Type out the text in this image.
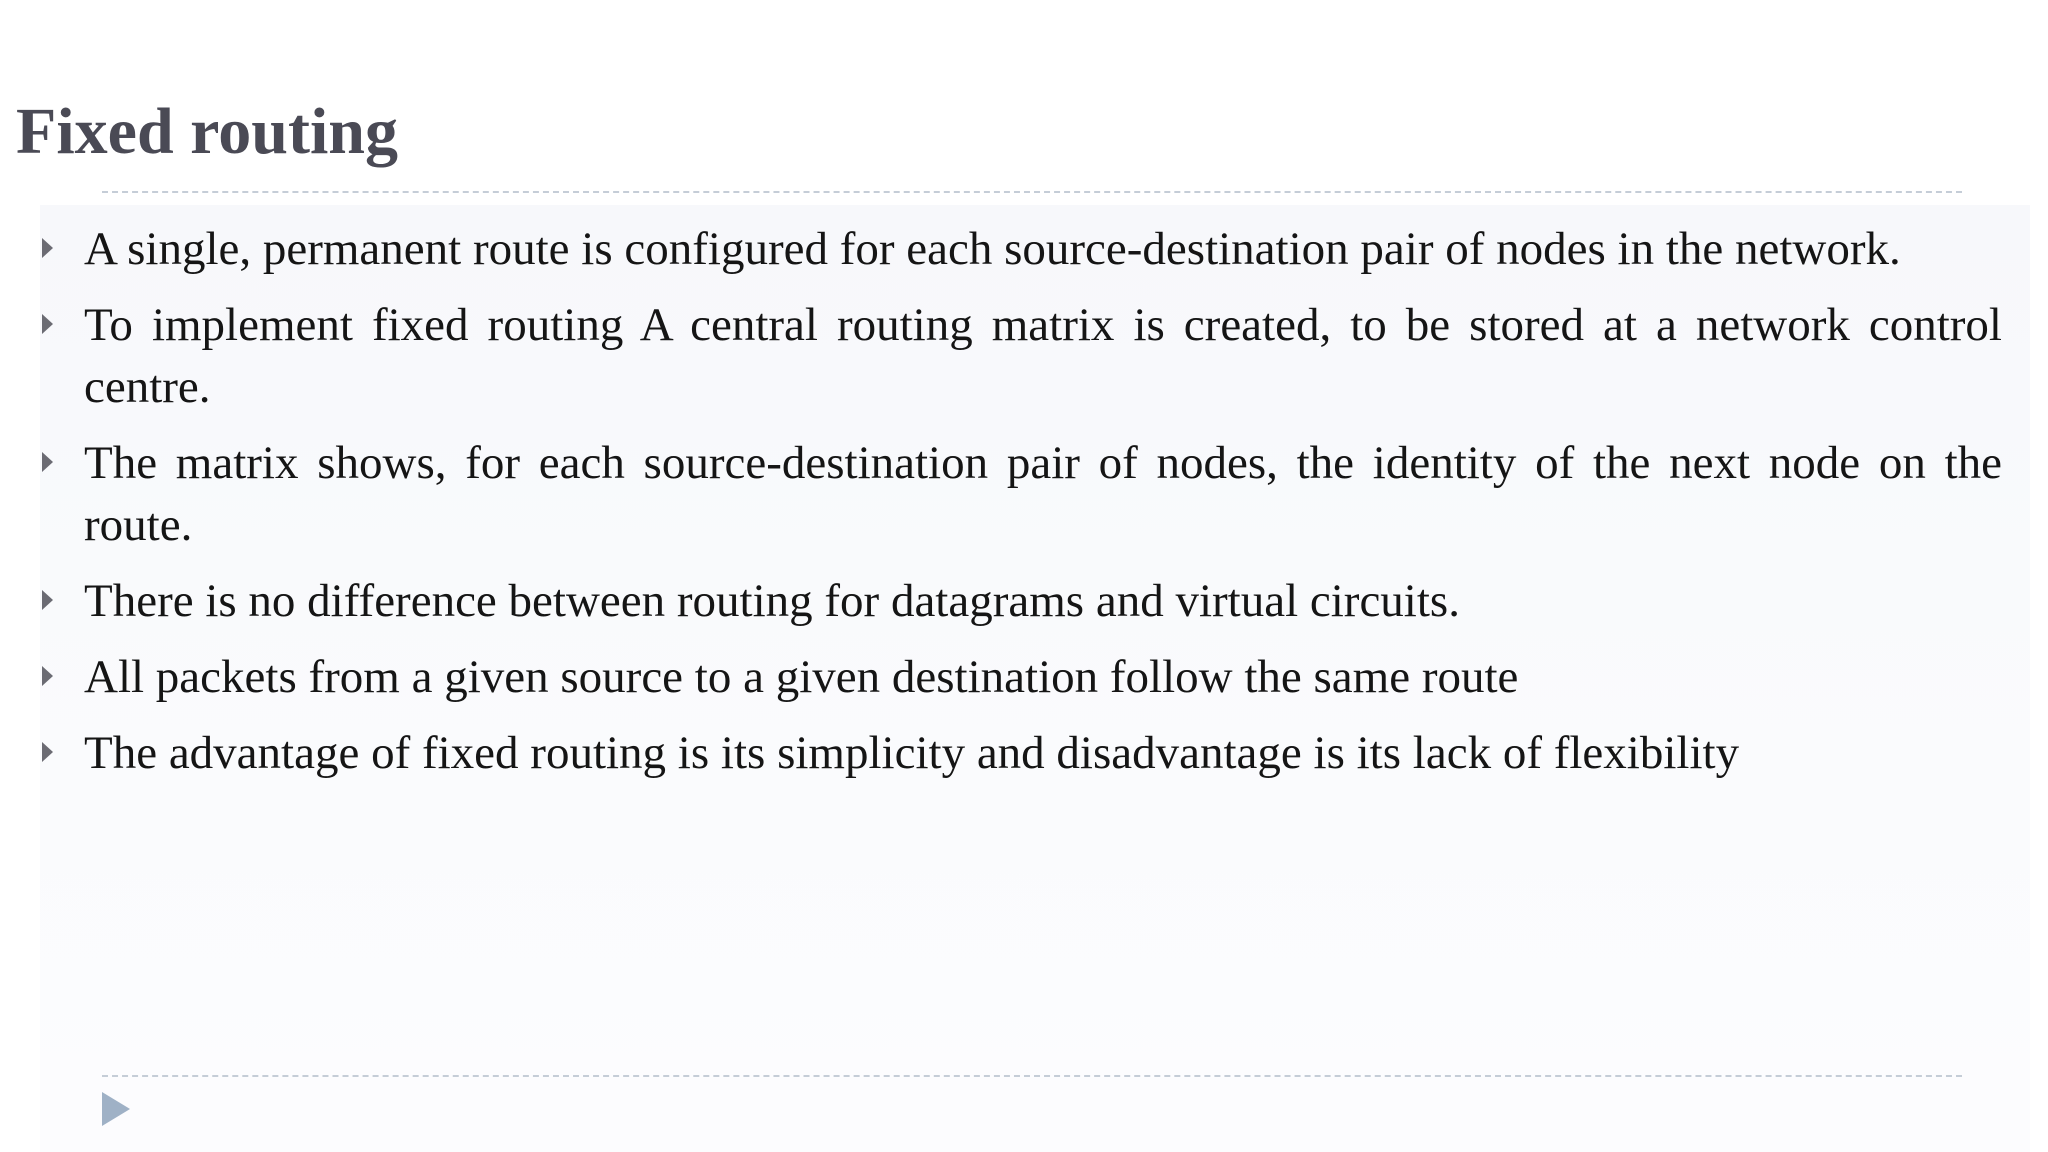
Fixed routing
A single, permanent route is configured for each source-destination pair of nodes in the network.
To implement fixed routing A central routing matrix is created, to be stored at a network control centre.
The matrix shows, for each source-destination pair of nodes, the identity of the next node on the route.
There is no difference between routing for datagrams and virtual circuits.
All packets from a given source to a given destination follow the same route
The advantage of fixed routing is its simplicity and disadvantage is its lack of flexibility
